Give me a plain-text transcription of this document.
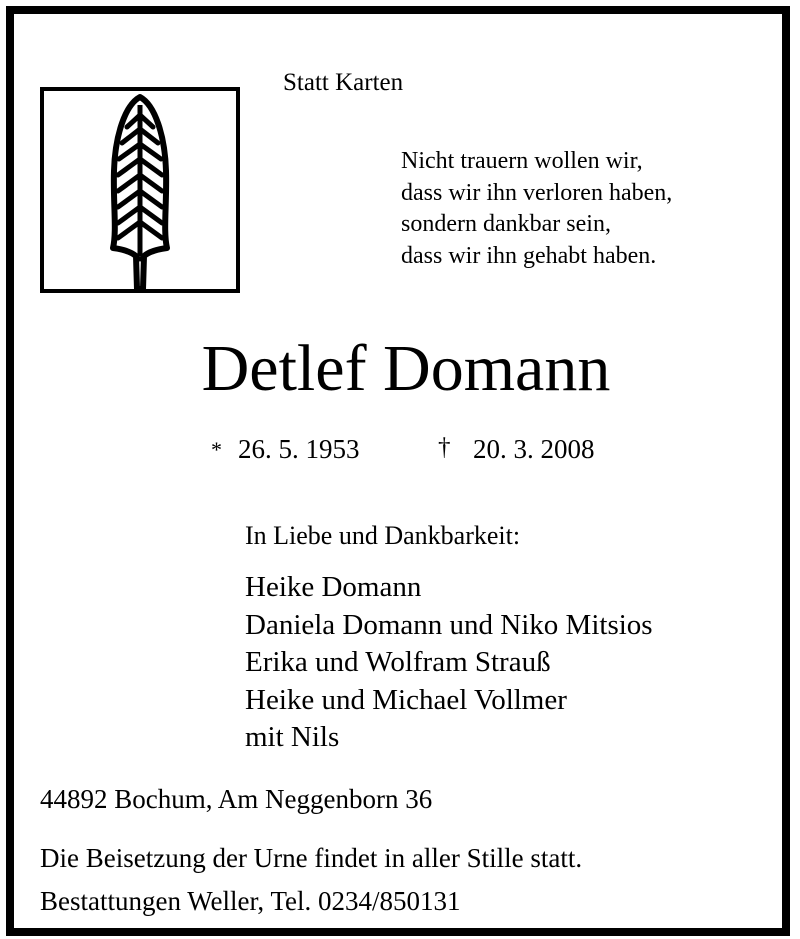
Statt Karten
Nicht trauern wollen wir,
dass wir ihn verloren haben,
sondern dankbar sein,
dass wir ihn gehabt haben.
Detlef Domann
* 26. 5. 1953	† 20. 3. 2008
In Liebe und Dankbarkeit:
Heike Domann
Daniela Domann und Niko Mitsios
Erika und Wolfram Strauß
Heike und Michael Vollmer
mit Nils
44892 Bochum, Am Neggenborn 36
Die Beisetzung der Urne findet in aller Stille statt.
Bestattungen Weller, Tel. 0234/850131
